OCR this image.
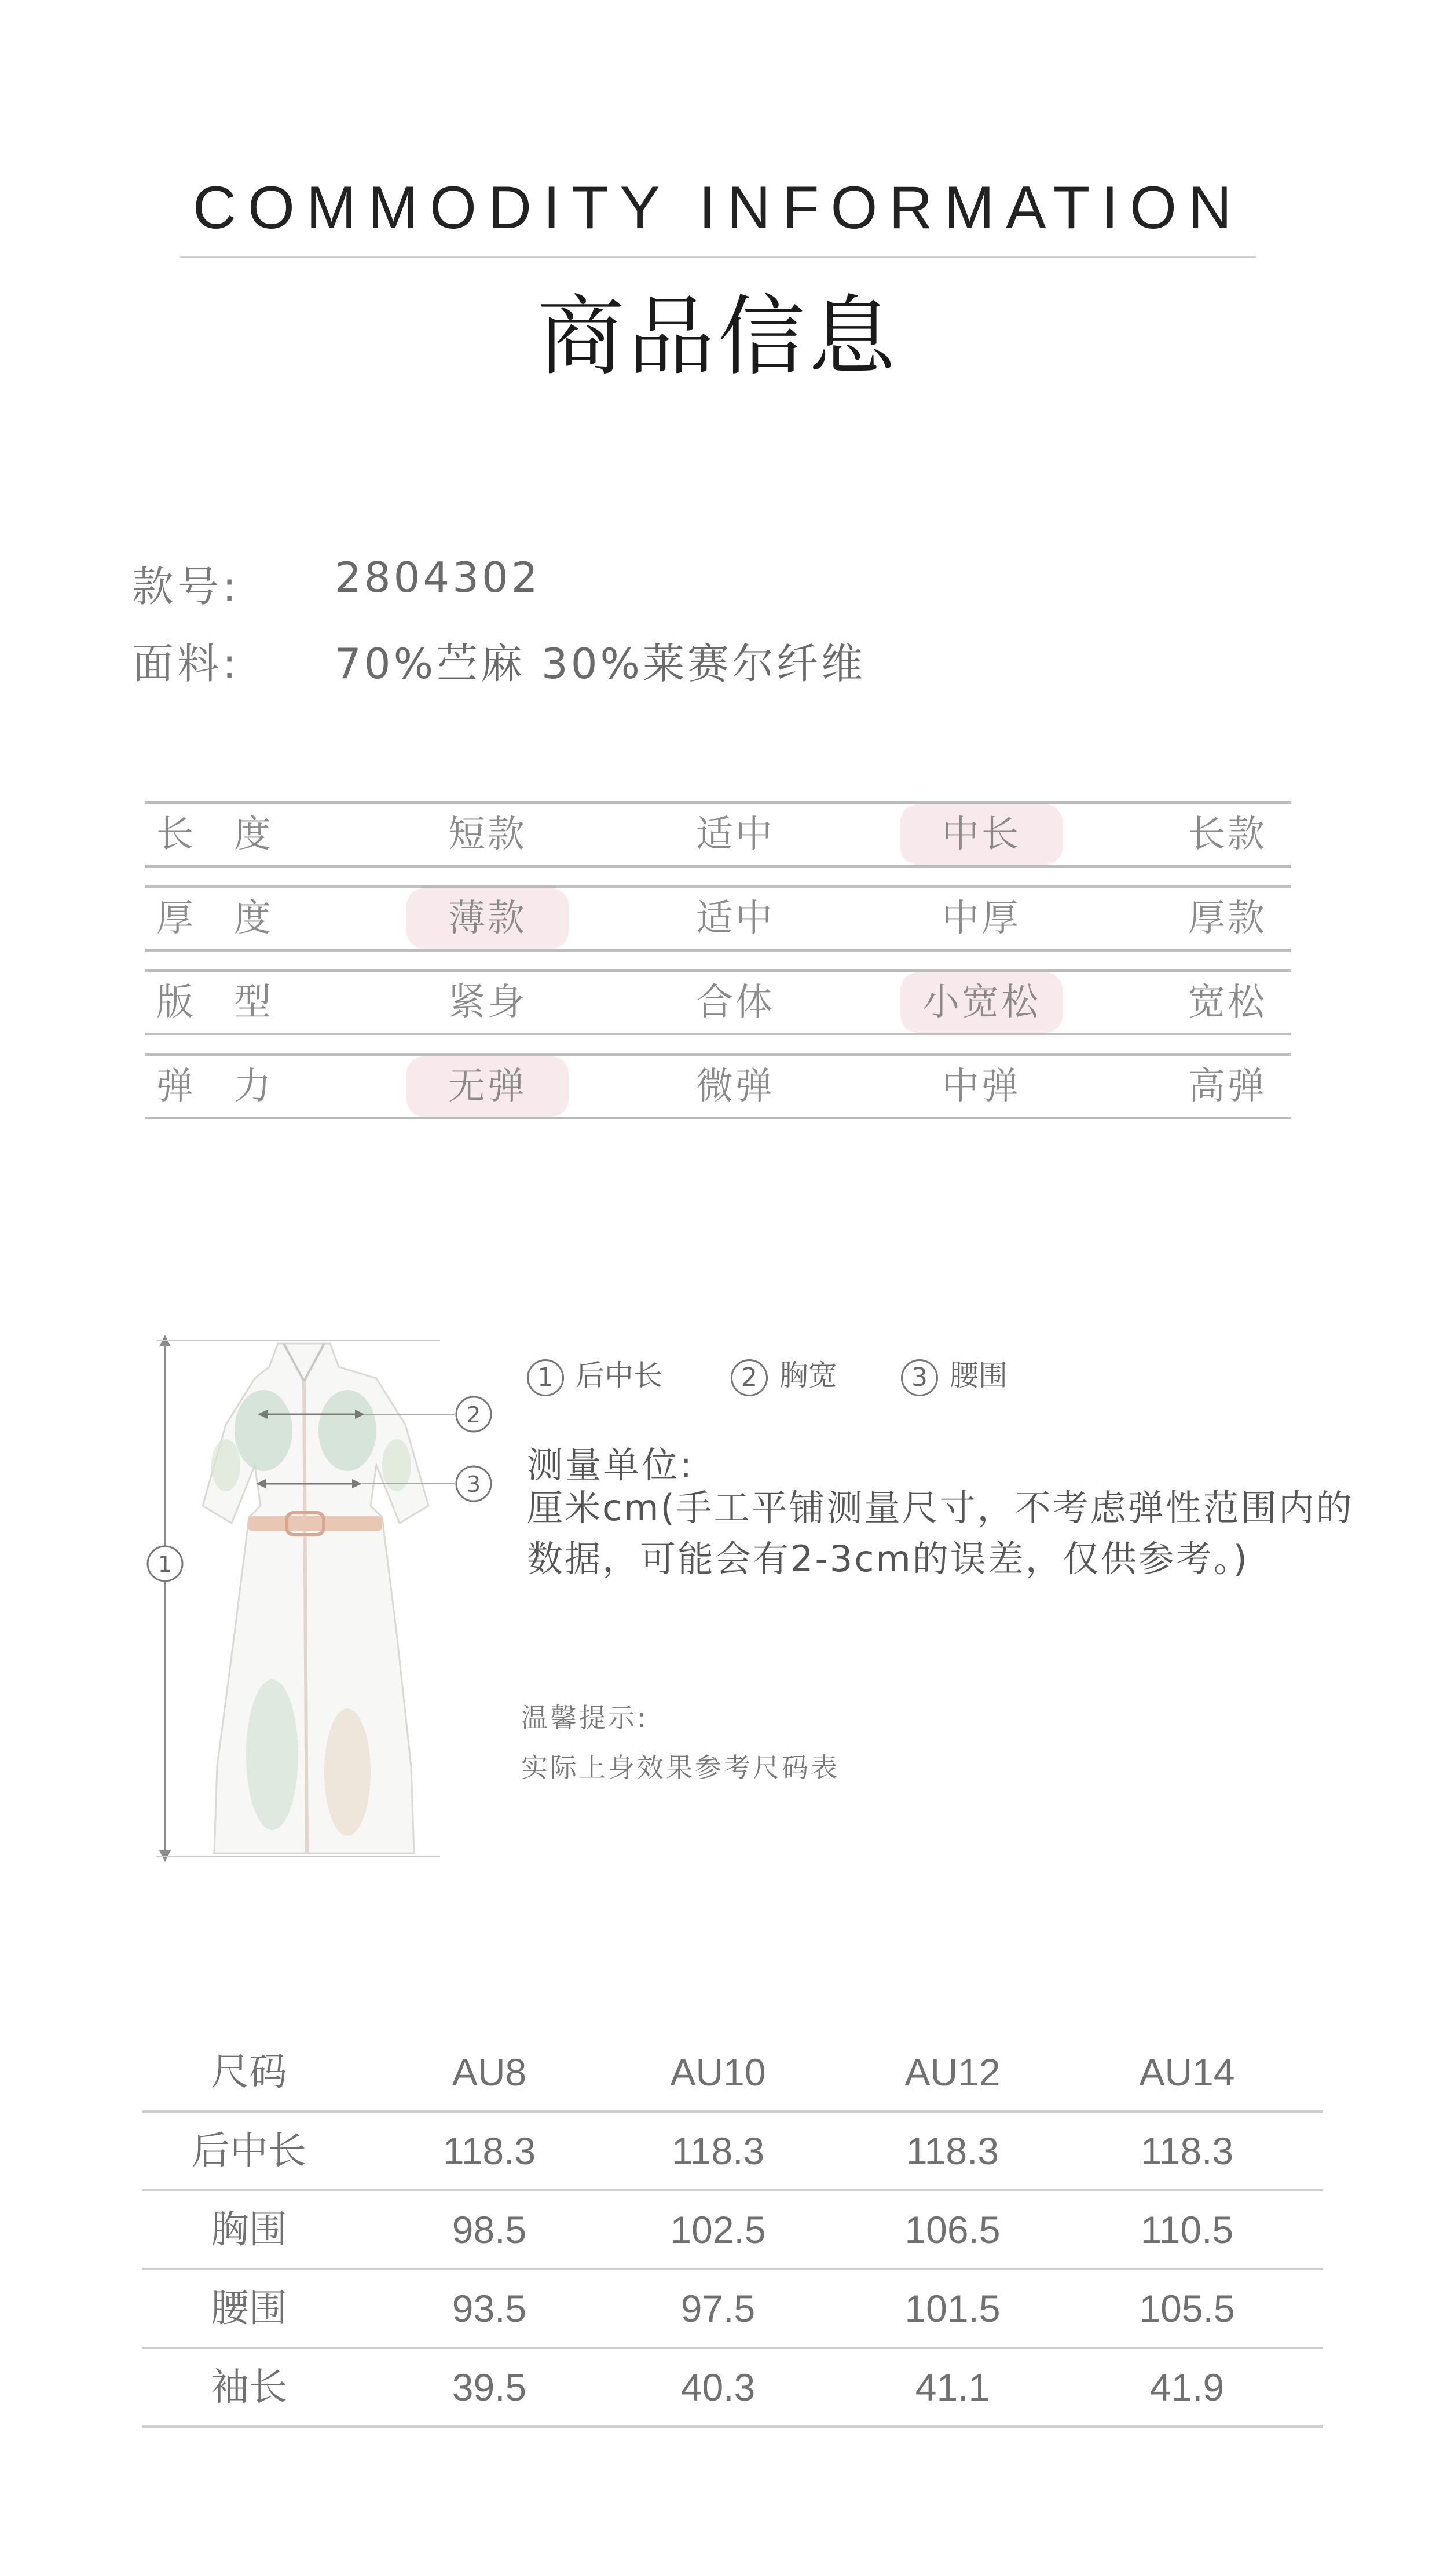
COMMODITY INFORMATION
商品信息
款号: 2804302
面料: 70%苎麻 30%莱赛尔纤维
长度	短款	适中	中长	长款
厚度	薄款	适中	中厚	厚款
版型	紧身	合体	小宽松	宽松
弹力	无弹	微弹	中弹	高弹
1
2
3
1 后中长	2 胸宽	3 腰围
测量单位:
厘米cm(手工平铺测量尺寸，不考虑弹性范围内的数据，可能会有2-3cm的误差，仅供参考。)
温馨提示:
实际上身效果参考尺码表
尺码	AU8	AU10	AU12	AU14
后中长	118.3	118.3	118.3	118.3
胸围	98.5	102.5	106.5	110.5
腰围	93.5	97.5	101.5	105.5
袖长	39.5	40.3	41.1	41.9
